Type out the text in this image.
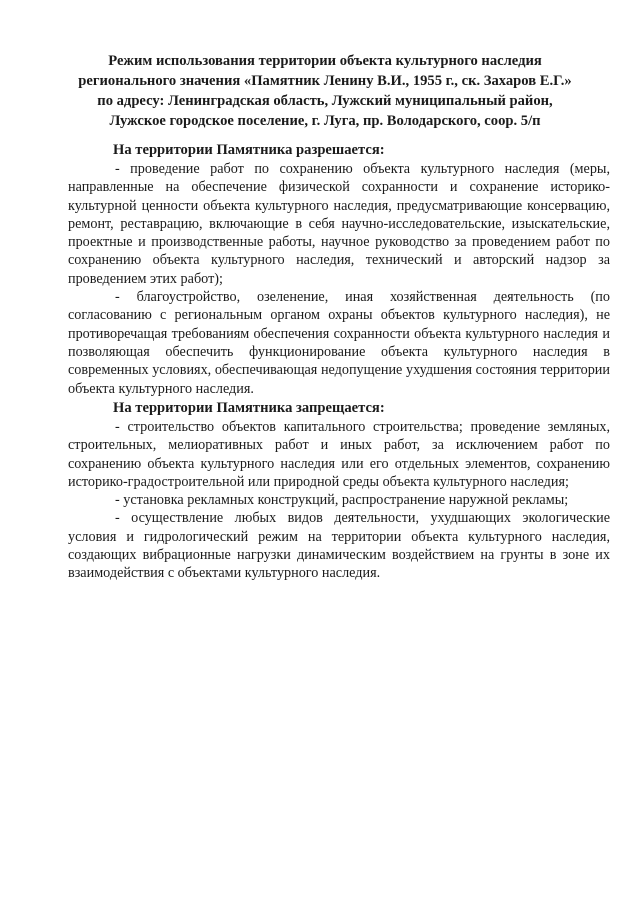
Режим использования территории объекта культурного наследия
регионального значения «Памятник Ленину В.И., 1955 г., ск. Захаров Е.Г.»
по адресу: Ленинградская область, Лужский муниципальный район,
Лужское городское поселение, г. Луга, пр. Володарского, соор. 5/п
На территории Памятника разрешается:

- проведение работ по сохранению объекта культурного наследия (меры, направленные на обеспечение физической сохранности и сохранение историко-культурной ценности объекта культурного наследия, предусматривающие консервацию, ремонт, реставрацию, включающие в себя научно-исследовательские, изыскательские, проектные и производственные работы, научное руководство за проведением работ по сохранению объекта культурного наследия, технический и авторский надзор за проведением этих работ);

- благоустройство, озеленение, иная хозяйственная деятельность (по согласованию с региональным органом охраны объектов культурного наследия), не противоречащая требованиям обеспечения сохранности объекта культурного наследия и позволяющая обеспечить функционирование объекта культурного наследия в современных условиях, обеспечивающая недопущение ухудшения состояния территории объекта культурного наследия.

На территории Памятника запрещается:

- строительство объектов капитального строительства; проведение земляных, строительных, мелиоративных работ и иных работ, за исключением работ по сохранению объекта культурного наследия или его отдельных элементов, сохранению историко-градостроительной или природной среды объекта культурного наследия;

- установка рекламных конструкций, распространение наружной рекламы;

- осуществление любых видов деятельности, ухудшающих экологические условия и гидрологический режим на территории объекта культурного наследия, создающих вибрационные нагрузки динамическим воздействием на грунты в зоне их взаимодействия с объектами культурного наследия.
